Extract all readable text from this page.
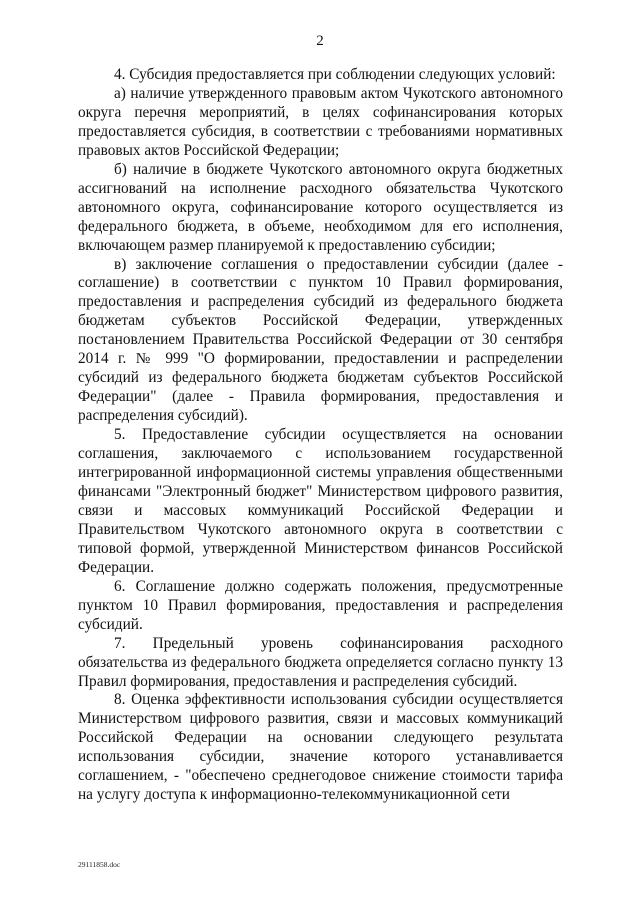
2

4. Субсидия предоставляется при соблюдении следующих условий:

а) наличие утвержденного правовым актом Чукотского автономного округа перечня мероприятий, в целях софинансирования которых предоставляется субсидия, в соответствии с требованиями нормативных правовых актов Российской Федерации;

б) наличие в бюджете Чукотского автономного округа бюджетных ассигнований на исполнение расходного обязательства Чукотского автономного округа, софинансирование которого осуществляется из федерального бюджета, в объеме, необходимом для его исполнения, включающем размер планируемой к предоставлению субсидии;

в) заключение соглашения о предоставлении субсидии (далее - соглашение) в соответствии с пунктом 10 Правил формирования, предоставления и распределения субсидий из федерального бюджета бюджетам субъектов Российской Федерации, утвержденных постановлением Правительства Российской Федерации от 30 сентября 2014 г. № 999 "О формировании, предоставлении и распределении субсидий из федерального бюджета бюджетам субъектов Российской Федерации" (далее - Правила формирования, предоставления и распределения субсидий).

5. Предоставление субсидии осуществляется на основании соглашения, заключаемого с использованием государственной интегрированной информационной системы управления общественными финансами "Электронный бюджет" Министерством цифрового развития, связи и массовых коммуникаций Российской Федерации и Правительством Чукотского автономного округа в соответствии с типовой формой, утвержденной Министерством финансов Российской Федерации.

6. Соглашение должно содержать положения, предусмотренные пунктом 10 Правил формирования, предоставления и распределения субсидий.

7. Предельный уровень софинансирования расходного обязательства из федерального бюджета определяется согласно пункту 13 Правил формирования, предоставления и распределения субсидий.

8. Оценка эффективности использования субсидии осуществляется Министерством цифрового развития, связи и массовых коммуникаций Российской Федерации на основании следующего результата использования субсидии, значение которого устанавливается соглашением, - "обеспечено среднегодовое снижение стоимости тарифа на услугу доступа к информационно-телекоммуникационной сети

29111858.doc
